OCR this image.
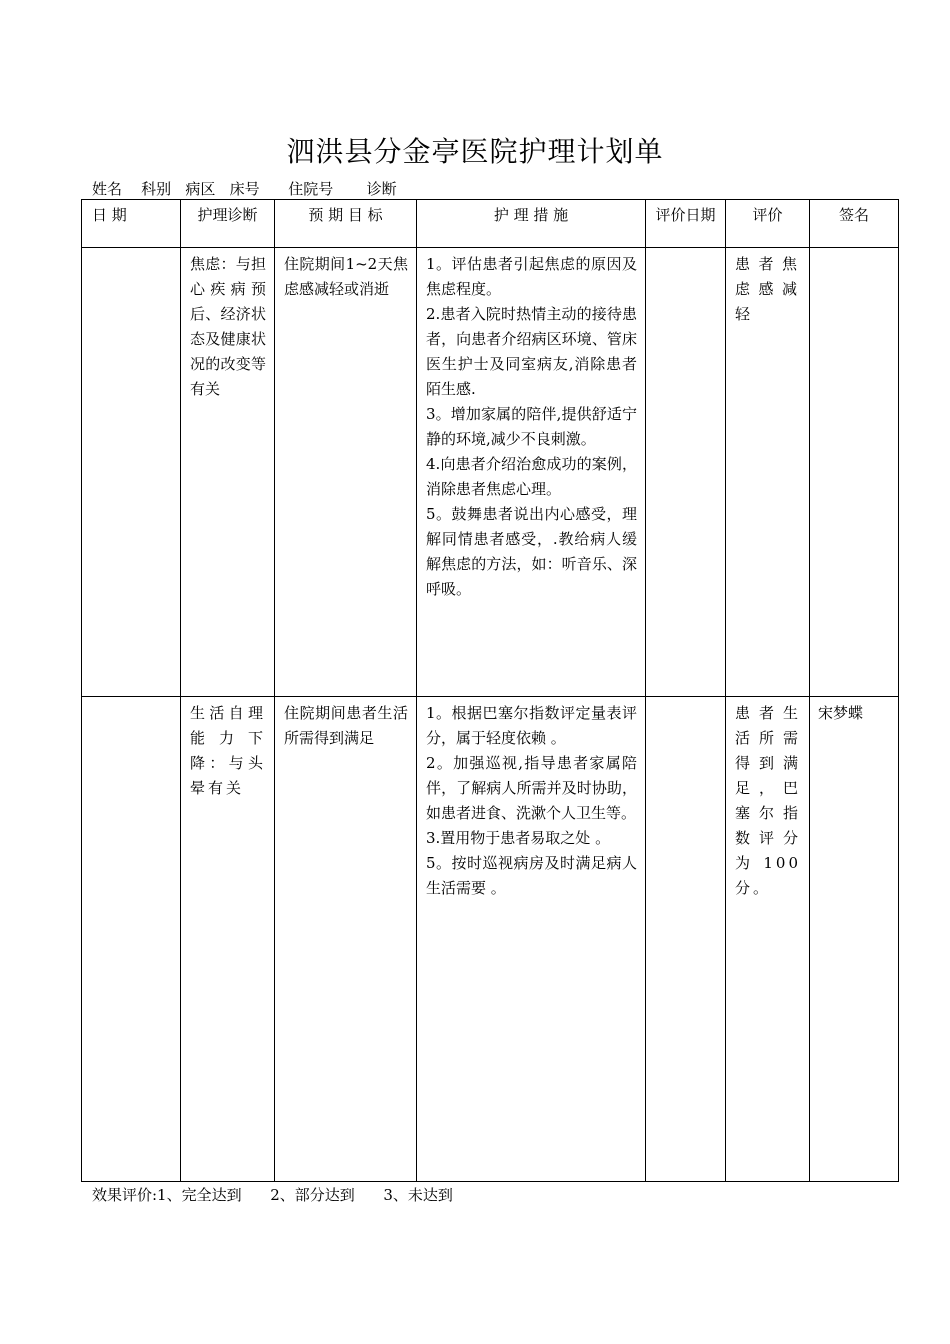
泗洪县分金亭医院护理计划单
姓名    科别   病区   床号      住院号       诊断
日 期	护理诊断	预 期 目 标	护 理 措 施	评价日期	评价	签名
	焦虑：与担心疾病预后、经济状态及健康状况的改变等有关	住院期间1~2天焦虑感减轻或消逝	1。评估患者引起焦虑的原因及焦虑程度。

2.患者入院时热情主动的接待患者，向患者介绍病区环境、管床医生护士及同室病友,消除患者陌生感.

3。增加家属的陪伴,提供舒适宁静的环境,减少不良刺激。

4.向患者介绍治愈成功的案例，消除患者焦虑心理。

5。鼓舞患者说出内心感受，理解同情患者感受，.教给病人缓解焦虑的方法，如：听音乐、深呼吸。		患者焦虑感减轻	
	生活自理能力下降：与头晕有关	住院期间患者生活所需得到满足	1。根据巴塞尔指数评定量表评 分，属于轻度依赖 。

2。加强巡视,指导患者家属陪伴，了解病人所需并及时协助，如患者进食、洗漱个人卫生等。

3.置用物于患者易取之处 。

5。按时巡视病房及时满足病人生活需要 。		患者生活所需得到满足，巴塞尔指数评分为 100分。	宋梦蝶
效果评价:1、完全达到      2、部分达到      3、未达到
